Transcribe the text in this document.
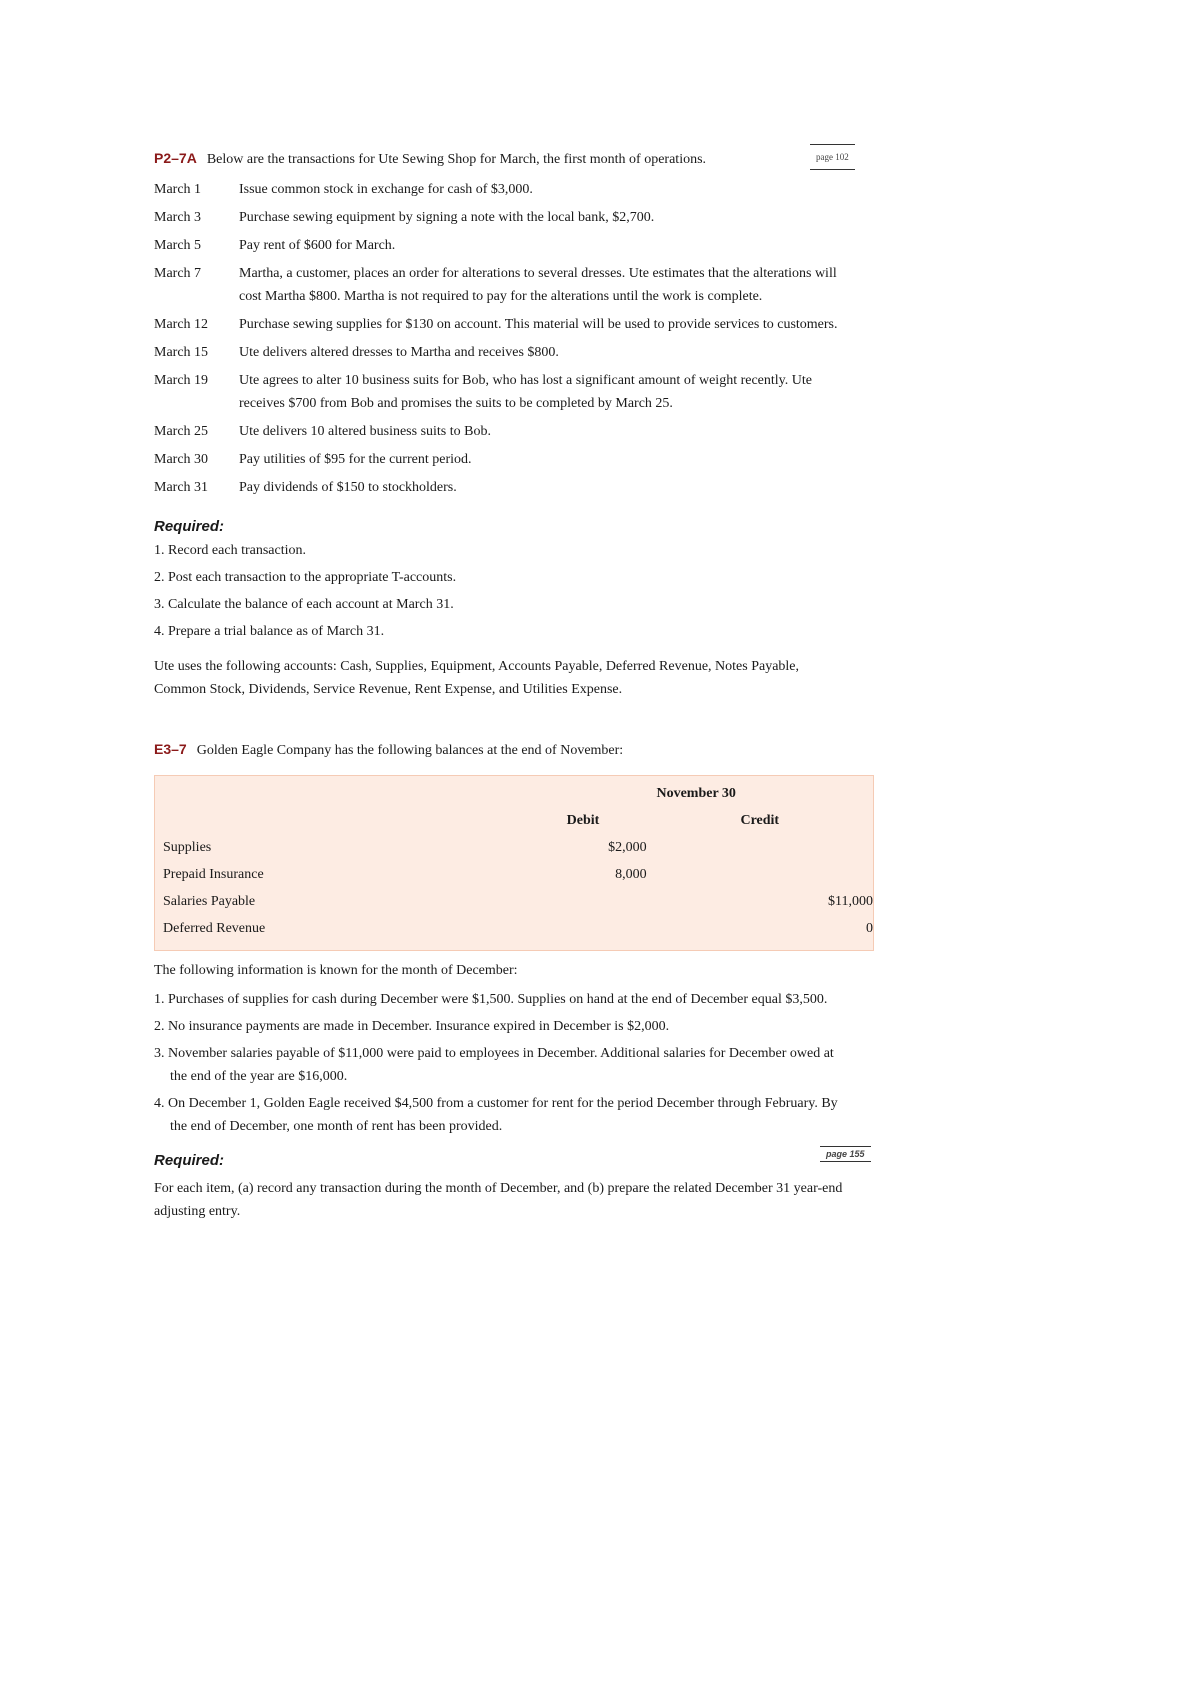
P2–7A Below are the transactions for Ute Sewing Shop for March, the first month of operations.	page 102
March 1	Issue common stock in exchange for cash of $3,000.
March 3	Purchase sewing equipment by signing a note with the local bank, $2,700.
March 5	Pay rent of $600 for March.
March 7	Martha, a customer, places an order for alterations to several dresses. Ute estimates that the alterations will cost Martha $800. Martha is not required to pay for the alterations until the work is complete.
March 12	Purchase sewing supplies for $130 on account. This material will be used to provide services to customers.
March 15	Ute delivers altered dresses to Martha and receives $800.
March 19	Ute agrees to alter 10 business suits for Bob, who has lost a significant amount of weight recently. Ute receives $700 from Bob and promises the suits to be completed by March 25.
March 25	Ute delivers 10 altered business suits to Bob.
March 30	Pay utilities of $95 for the current period.
March 31	Pay dividends of $150 to stockholders.
Required:
1. Record each transaction.
2. Post each transaction to the appropriate T-accounts.
3. Calculate the balance of each account at March 31.
4. Prepare a trial balance as of March 31.

Ute uses the following accounts: Cash, Supplies, Equipment, Accounts Payable, Deferred Revenue, Notes Payable, Common Stock, Dividends, Service Revenue, Rent Expense, and Utilities Expense.

E3–7 Golden Eagle Company has the following balances at the end of November:
	November 30	
	Debit	Credit
Supplies	$2,000	
Prepaid Insurance	8,000	
Salaries Payable		$11,000
Deferred Revenue		0
The following information is known for the month of December:
1. Purchases of supplies for cash during December were $1,500. Supplies on hand at the end of December equal $3,500.
2. No insurance payments are made in December. Insurance expired in December is $2,000.
3. November salaries payable of $11,000 were paid to employees in December. Additional salaries for December owed at the end of the year are $16,000.
4. On December 1, Golden Eagle received $4,500 from a customer for rent for the period December through February. By the end of December, one month of rent has been provided.
Required:	page 155

For each item, (a) record any transaction during the month of December, and (b) prepare the related December 31 year-end adjusting entry.
